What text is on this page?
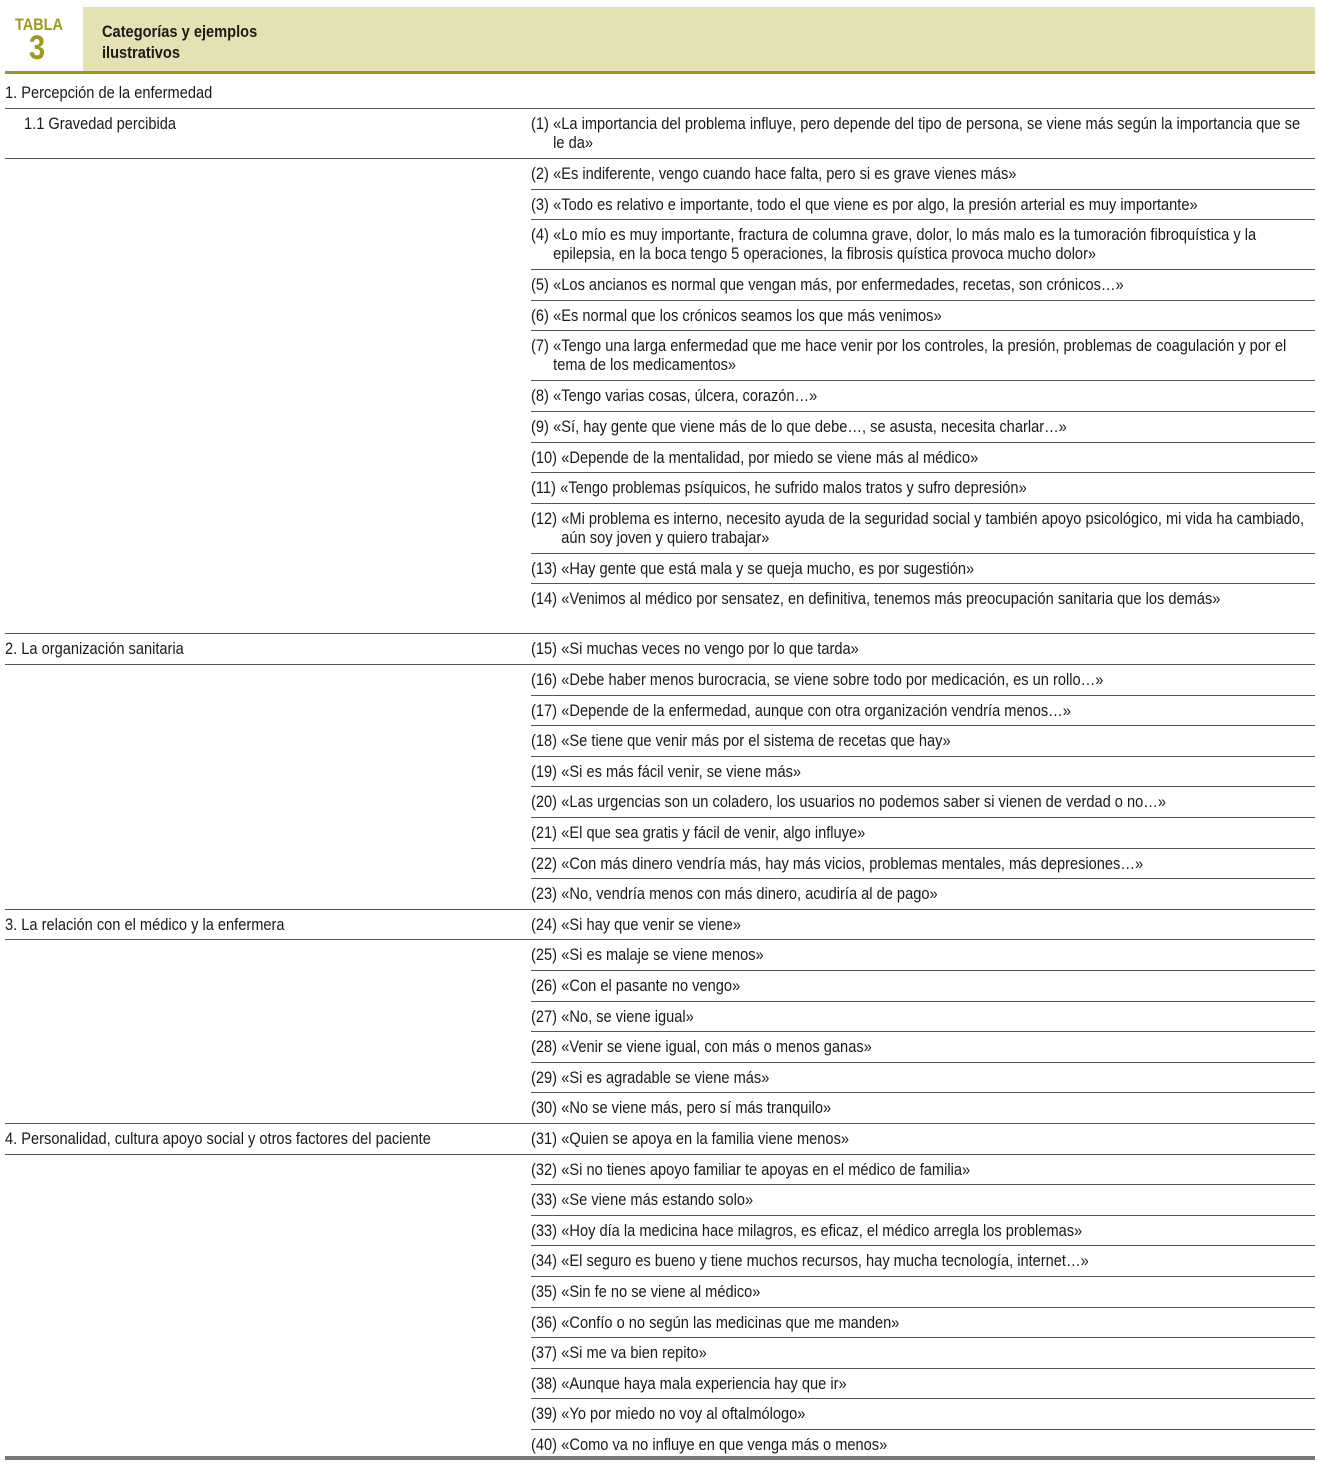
TABLA
3	Categorías y ejemplos
ilustrativos
1. Percepción de la enfermedad
1.1 Gravedad percibida	(1) «La importancia del problema influye, pero depende del tipo de persona, se viene más según la importancia que se le da»
(2) «Es indiferente, vengo cuando hace falta, pero si es grave vienes más»
(3) «Todo es relativo e importante, todo el que viene es por algo, la presión arterial es muy importante»
(4) «Lo mío es muy importante, fractura de columna grave, dolor, lo más malo es la tumoración fibroquística y la epilepsia, en la boca tengo 5 operaciones, la fibrosis quística provoca mucho dolor»
(5) «Los ancianos es normal que vengan más, por enfermedades, recetas, son crónicos…»
(6) «Es normal que los crónicos seamos los que más venimos»
(7) «Tengo una larga enfermedad que me hace venir por los controles, la presión, problemas de coagulación y por el tema de los medicamentos»
(8) «Tengo varias cosas, úlcera, corazón…»
(9) «Sí, hay gente que viene más de lo que debe…, se asusta, necesita charlar…»
(10) «Depende de la mentalidad, por miedo se viene más al médico»
(11) «Tengo problemas psíquicos, he sufrido malos tratos y sufro depresión»
(12) «Mi problema es interno, necesito ayuda de la seguridad social y también apoyo psicológico, mi vida ha cambiado, aún soy joven y quiero trabajar»
(13) «Hay gente que está mala y se queja mucho, es por sugestión»
(14) «Venimos al médico por sensatez, en definitiva, tenemos más preocupación sanitaria que los demás»
2. La organización sanitaria	(15) «Si muchas veces no vengo por lo que tarda»
(16) «Debe haber menos burocracia, se viene sobre todo por medicación, es un rollo…»
(17) «Depende de la enfermedad, aunque con otra organización vendría menos…»
(18) «Se tiene que venir más por el sistema de recetas que hay»
(19) «Si es más fácil venir, se viene más»
(20) «Las urgencias son un coladero, los usuarios no podemos saber si vienen de verdad o no…»
(21) «El que sea gratis y fácil de venir, algo influye»
(22) «Con más dinero vendría más, hay más vicios, problemas mentales, más depresiones…»
(23) «No, vendría menos con más dinero, acudiría al de pago»
3. La relación con el médico y la enfermera	(24) «Si hay que venir se viene»
(25) «Si es malaje se viene menos»
(26) «Con el pasante no vengo»
(27) «No, se viene igual»
(28) «Venir se viene igual, con más o menos ganas»
(29) «Si es agradable se viene más»
(30) «No se viene más, pero sí más tranquilo»
4. Personalidad, cultura apoyo social y otros factores del paciente	(31) «Quien se apoya en la familia viene menos»
(32) «Si no tienes apoyo familiar te apoyas en el médico de familia»
(33) «Se viene más estando solo»
(33) «Hoy día la medicina hace milagros, es eficaz, el médico arregla los problemas»
(34) «El seguro es bueno y tiene muchos recursos, hay mucha tecnología, internet…»
(35) «Sin fe no se viene al médico»
(36) «Confío o no según las medicinas que me manden»
(37) «Si me va bien repito»
(38) «Aunque haya mala experiencia hay que ir»
(39) «Yo por miedo no voy al oftalmólogo»
(40) «Como va no influye en que venga más o menos»
